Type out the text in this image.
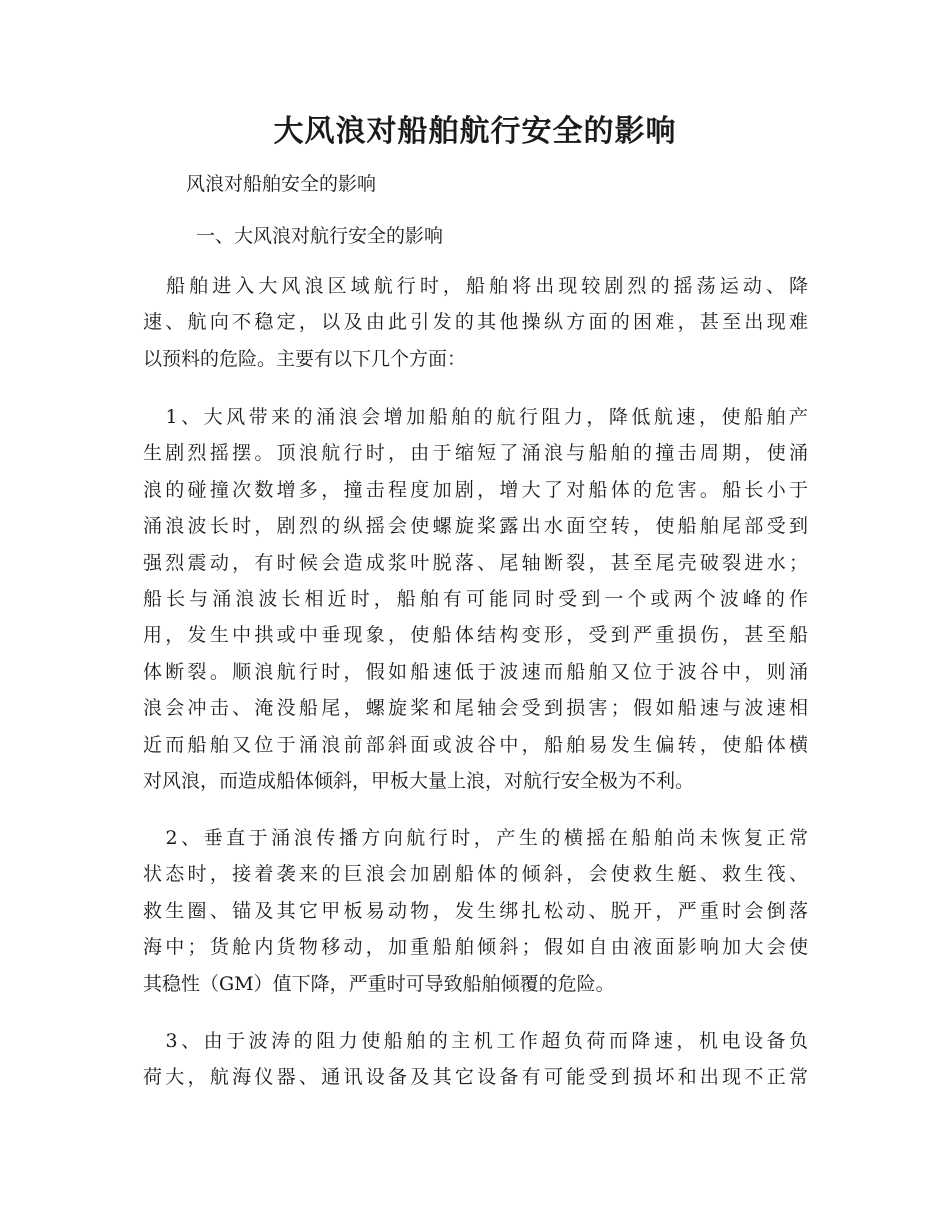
大风浪对船舶航行安全的影响

风浪对船舶安全的影响

一、大风浪对航行安全的影响

　船舶进入大风浪区域航行时，船舶将出现较剧烈的摇荡运动、降
速、航向不稳定，以及由此引发的其他操纵方面的困难，甚至出现难
以预料的危险。主要有以下几个方面：
　1、大风带来的涌浪会增加船舶的航行阻力，降低航速，使船舶产
生剧烈摇摆。顶浪航行时，由于缩短了涌浪与船舶的撞击周期，使涌
浪的碰撞次数增多，撞击程度加剧，增大了对船体的危害。船长小于
涌浪波长时，剧烈的纵摇会使螺旋桨露出水面空转，使船舶尾部受到
强烈震动，有时候会造成浆叶脱落、尾轴断裂，甚至尾壳破裂进水；
船长与涌浪波长相近时，船舶有可能同时受到一个或两个波峰的作
用，发生中拱或中垂现象，使船体结构变形，受到严重损伤，甚至船
体断裂。顺浪航行时，假如船速低于波速而船舶又位于波谷中，则涌
浪会冲击、淹没船尾，螺旋桨和尾轴会受到损害；假如船速与波速相
近而船舶又位于涌浪前部斜面或波谷中，船舶易发生偏转，使船体横
对风浪，而造成船体倾斜，甲板大量上浪，对航行安全极为不利。
　2、垂直于涌浪传播方向航行时，产生的横摇在船舶尚未恢复正常
状态时，接着袭来的巨浪会加剧船体的倾斜，会使救生艇、救生筏、
救生圈、锚及其它甲板易动物，发生绑扎松动、脱开，严重时会倒落
海中；货舱内货物移动，加重船舶倾斜；假如自由液面影响加大会使
其稳性（GM）值下降，严重时可导致船舶倾覆的危险。
　3、由于波涛的阻力使船舶的主机工作超负荷而降速，机电设备负
荷大，航海仪器、通讯设备及其它设备有可能受到损坏和出现不正常
